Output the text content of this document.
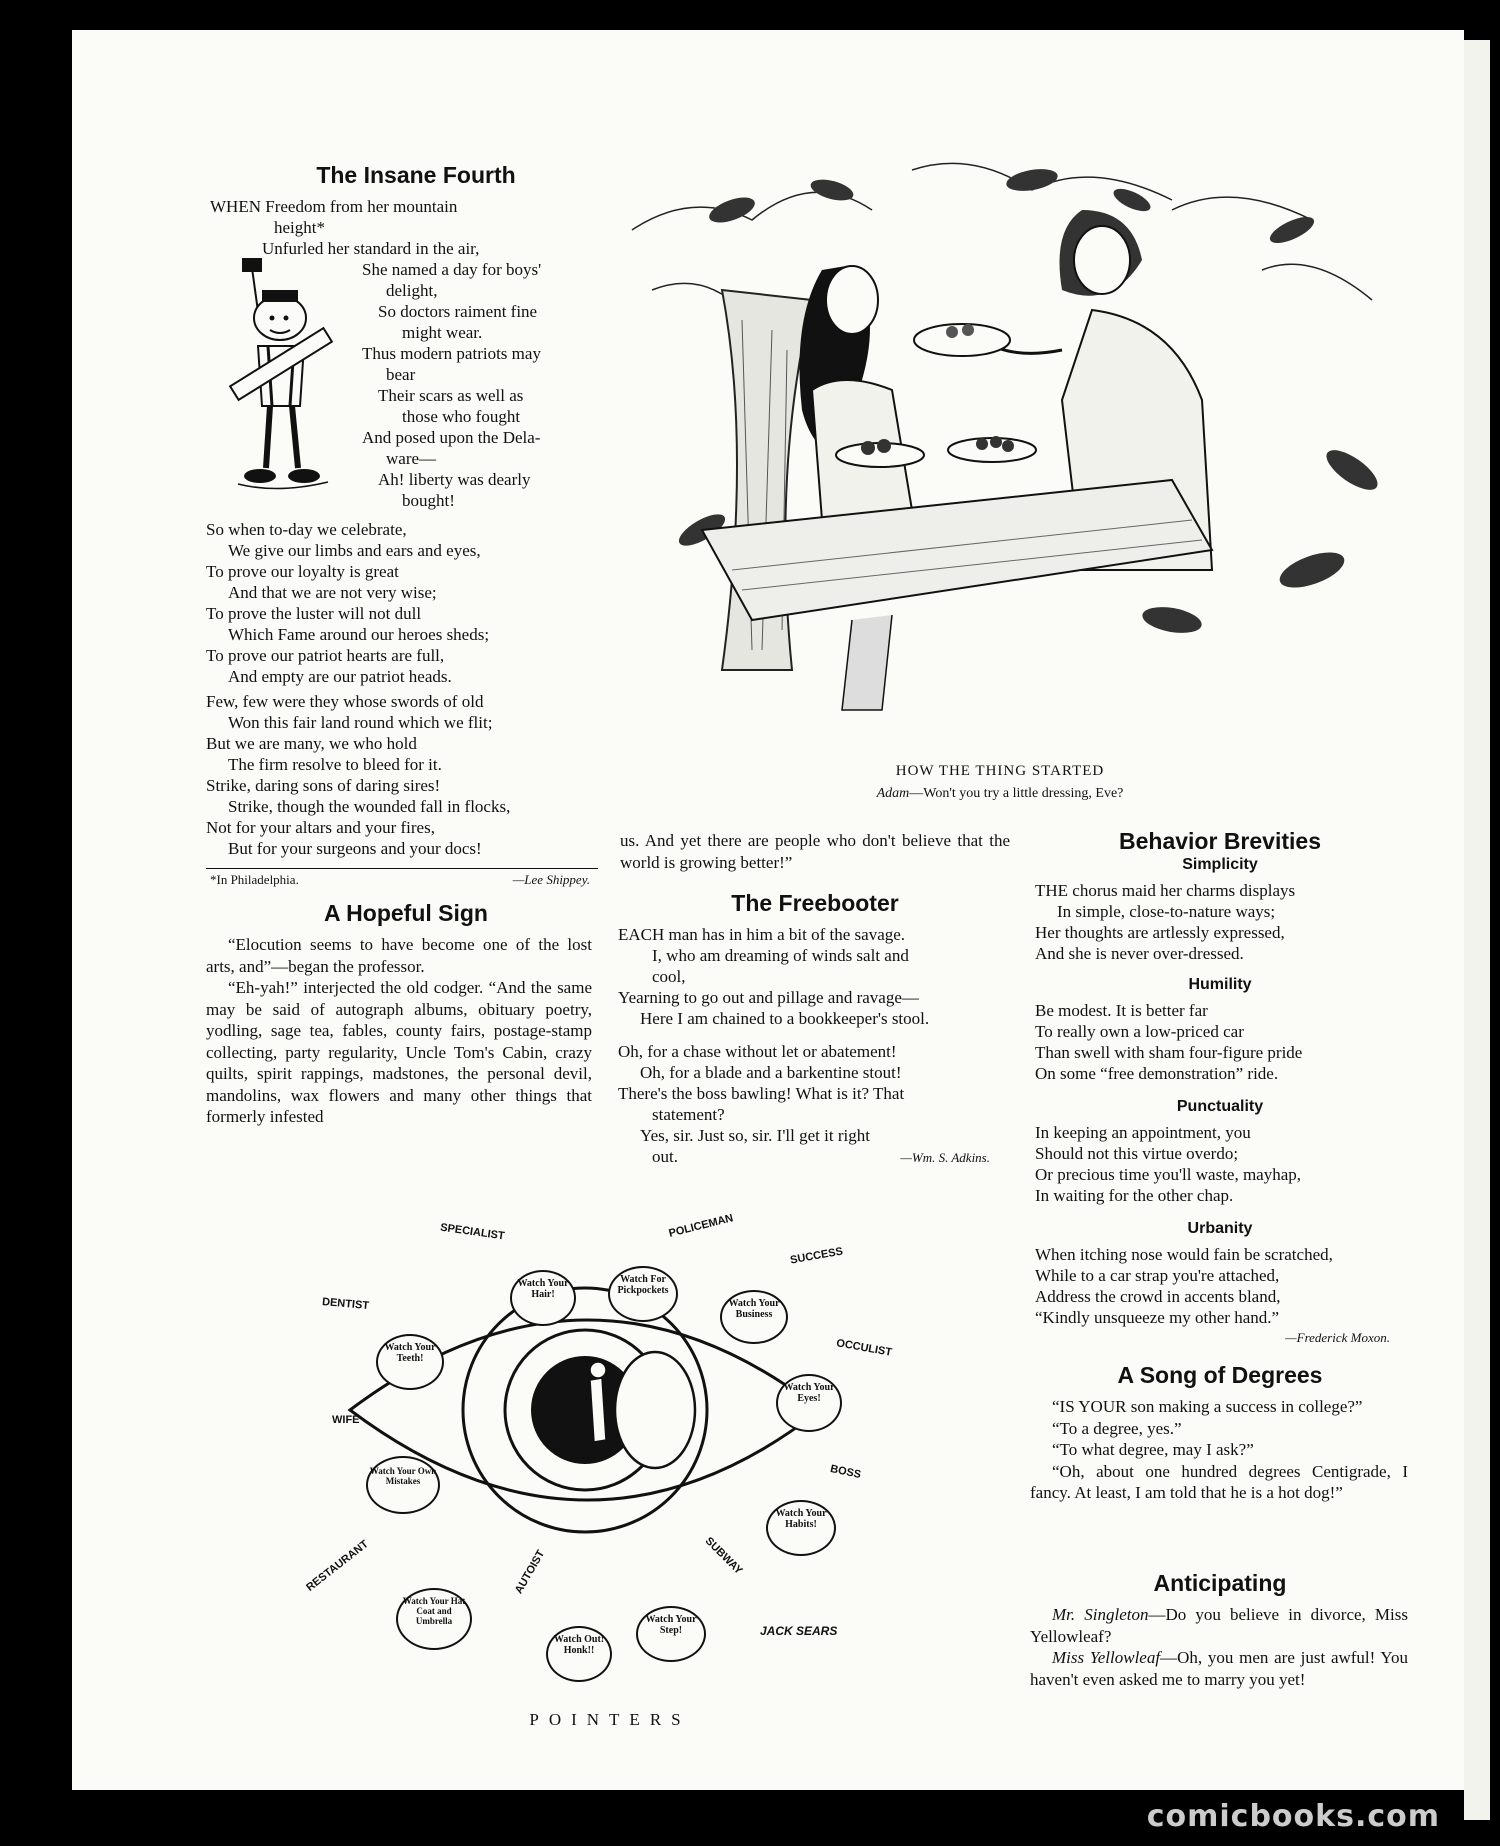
The Insane Fourth
WHEN Freedom from her mountain
height*
Unfurled her standard in the air,
She named a day for boys'
delight,
So doctors raiment fine
might wear.
Thus modern patriots may
bear
Their scars as well as
those who fought
And posed upon the Dela-
ware—
Ah! liberty was dearly
bought!
So when to-day we celebrate,
We give our limbs and ears and eyes,
To prove our loyalty is great
And that we are not very wise;
To prove the luster will not dull
Which Fame around our heroes sheds;
To prove our patriot hearts are full,
And empty are our patriot heads.
Few, few were they whose swords of old
Won this fair land round which we flit;
But we are many, we who hold
The firm resolve to bleed for it.
Strike, daring sons of daring sires!
Strike, though the wounded fall in flocks,
Not for your altars and your fires,
But for your surgeons and your docs!
*In Philadelphia.	—Lee Shippey.
A Hopeful Sign

“Elocution seems to have become one of the lost arts, and”—began the professor.

“Eh-yah!” interjected the old codger. “And the same may be said of autograph albums, obituary poetry, yodling, sage tea, fables, county fairs, postage-stamp collecting, party regularity, Uncle Tom's Cabin, crazy quilts, spirit rappings, madstones, the personal devil, mandolins, wax flowers and many other things that formerly infested

HOW THE THING STARTED
Adam—Won't you try a little dressing, Eve?

us. And yet there are people who don't believe that the world is growing better!”

The Freebooter
EACH man has in him a bit of the savage.
I, who am dreaming of winds salt and
cool,
Yearning to go out and pillage and ravage—
Here I am chained to a bookkeeper's stool.
Oh, for a chase without let or abatement!
Oh, for a blade and a barkentine stout!
There's the boss bawling! What is it? That
statement?
Yes, sir. Just so, sir. I'll get it right
out.	—Wm. S. Adkins.
Behavior Brevities
Simplicity
THE chorus maid her charms displays
In simple, close-to-nature ways;
Her thoughts are artlessly expressed,
And she is never over-dressed.
Humility
Be modest. It is better far
To really own a low-priced car
Than swell with sham four-figure pride
On some “free demonstration” ride.
Punctuality
In keeping an appointment, you
Should not this virtue overdo;
Or precious time you'll waste, mayhap,
In waiting for the other chap.
Urbanity
When itching nose would fain be scratched,
While to a car strap you're attached,
Address the crowd in accents bland,
“Kindly unsqueeze my other hand.”
—Frederick Moxon.
A Song of Degrees

“IS YOUR son making a success in college?”

“To a degree, yes.”

“To what degree, may I ask?”

“Oh, about one hundred degrees Centigrade, I fancy. At least, I am told that he is a hot dog!”

Anticipating

Mr. Singleton—Do you believe in divorce, Miss Yellowleaf?

Miss Yellowleaf—Oh, you men are just awful! You haven't even asked me to marry you yet!

POINTERS
JACK SEARS
SPECIALIST	POLICEMAN
SUCCESS
DENTIST
OCCULIST
WIFE
BOSS
RESTAURANT	AUTOIST	SUBWAY
Watch Your Hair!
Watch For Pickpockets
Watch Your Business
Watch Your Teeth!
Watch Your Eyes!
Watch Your Own Mistakes
Watch Your Habits!
Watch Your Hat Coat and Umbrella
Watch Out! Honk!!
Watch Your Step!
comicbooks.com
